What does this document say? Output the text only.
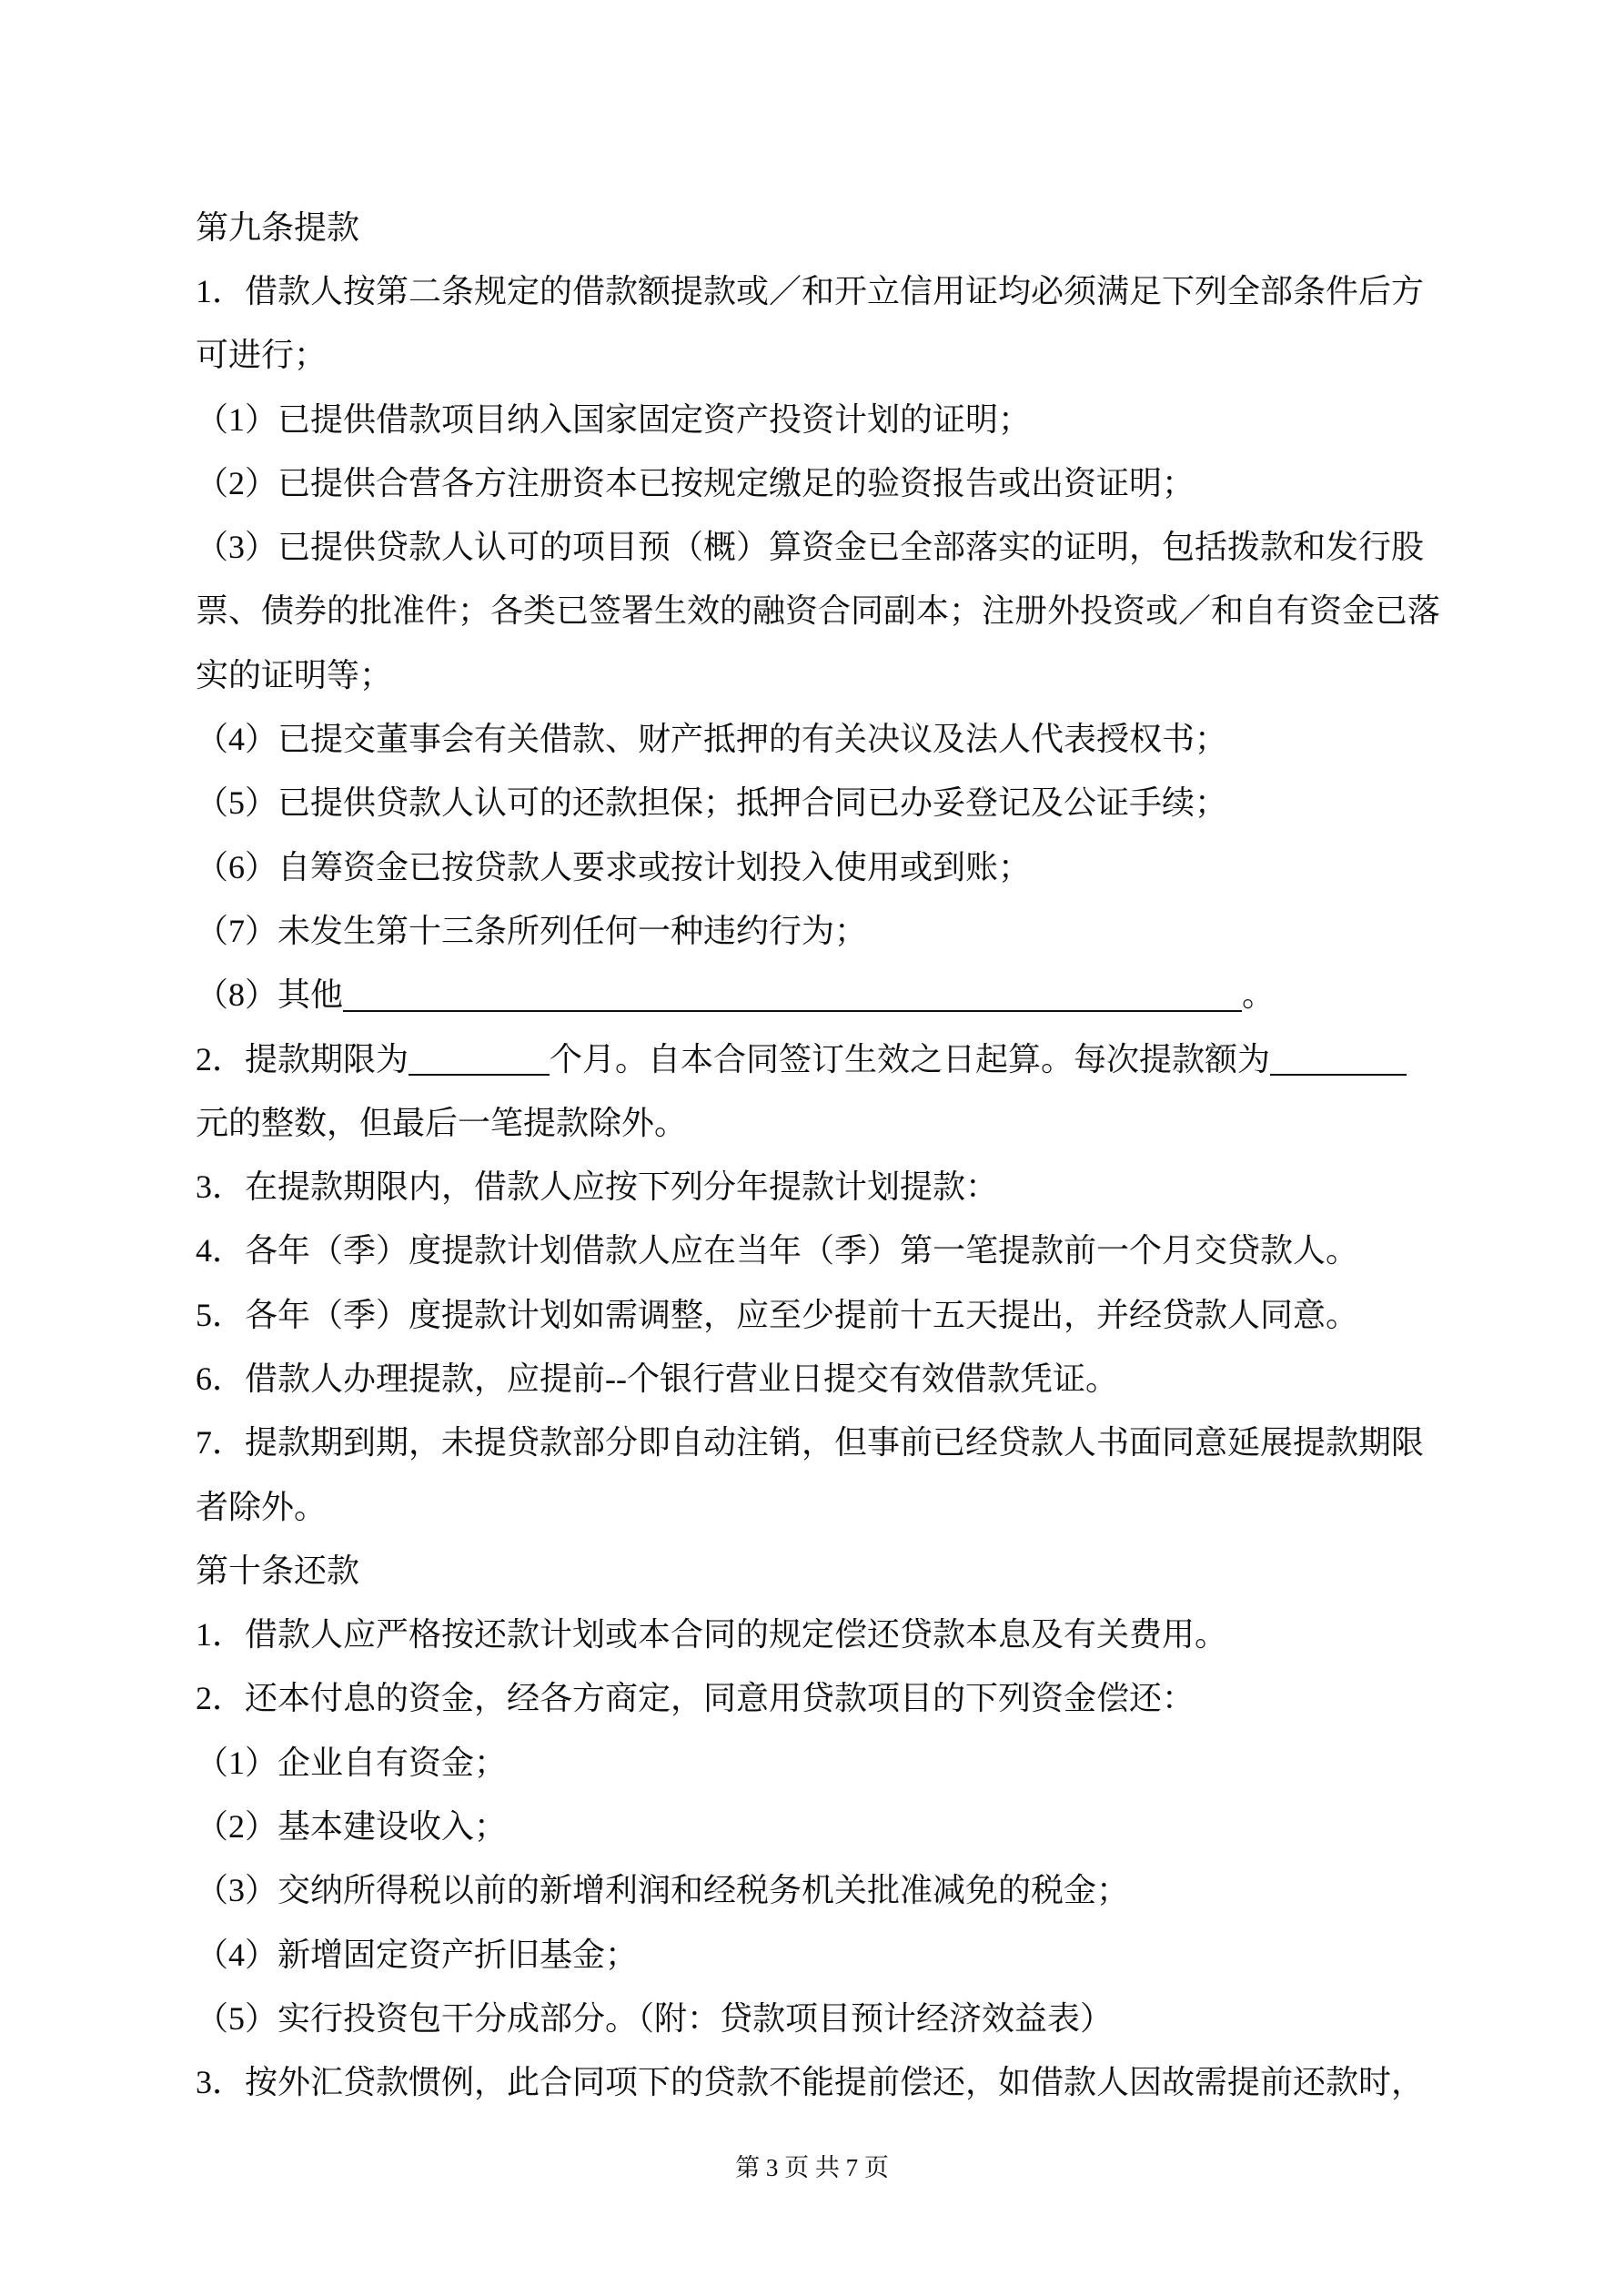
第九条提款
1．借款人按第二条规定的借款额提款或／和开立信用证均必须满足下列全部条件后方
可进行；
（1）已提供借款项目纳入国家固定资产投资计划的证明；
（2）已提供合营各方注册资本已按规定缴足的验资报告或出资证明；
（3）已提供贷款人认可的项目预（概）算资金已全部落实的证明，包括拨款和发行股
票、债券的批准件；各类已签署生效的融资合同副本；注册外投资或／和自有资金已落
实的证明等；
（4）已提交董事会有关借款、财产抵押的有关决议及法人代表授权书；
（5）已提供贷款人认可的还款担保；抵押合同已办妥登记及公证手续；
（6）自筹资金已按贷款人要求或按计划投入使用或到账；
（7）未发生第十三条所列任何一种违约行为；
（8）其他	。
2．提款期限为	个月。自本合同签订生效之日起算。每次提款额为
元的整数，但最后一笔提款除外。
3．在提款期限内，借款人应按下列分年提款计划提款：
4．各年（季）度提款计划借款人应在当年（季）第一笔提款前一个月交贷款人。
5．各年（季）度提款计划如需调整，应至少提前十五天提出，并经贷款人同意。
6．借款人办理提款，应提前--个银行营业日提交有效借款凭证。
7．提款期到期，未提贷款部分即自动注销，但事前已经贷款人书面同意延展提款期限
者除外。
第十条还款
1．借款人应严格按还款计划或本合同的规定偿还贷款本息及有关费用。
2．还本付息的资金，经各方商定，同意用贷款项目的下列资金偿还：
（1）企业自有资金；
（2）基本建设收入；
（3）交纳所得税以前的新增利润和经税务机关批准减免的税金；
（4）新增固定资产折旧基金；
（5）实行投资包干分成部分。（附：贷款项目预计经济效益表）
3．按外汇贷款惯例，此合同项下的贷款不能提前偿还，如借款人因故需提前还款时，
第 3 页 共 7 页
